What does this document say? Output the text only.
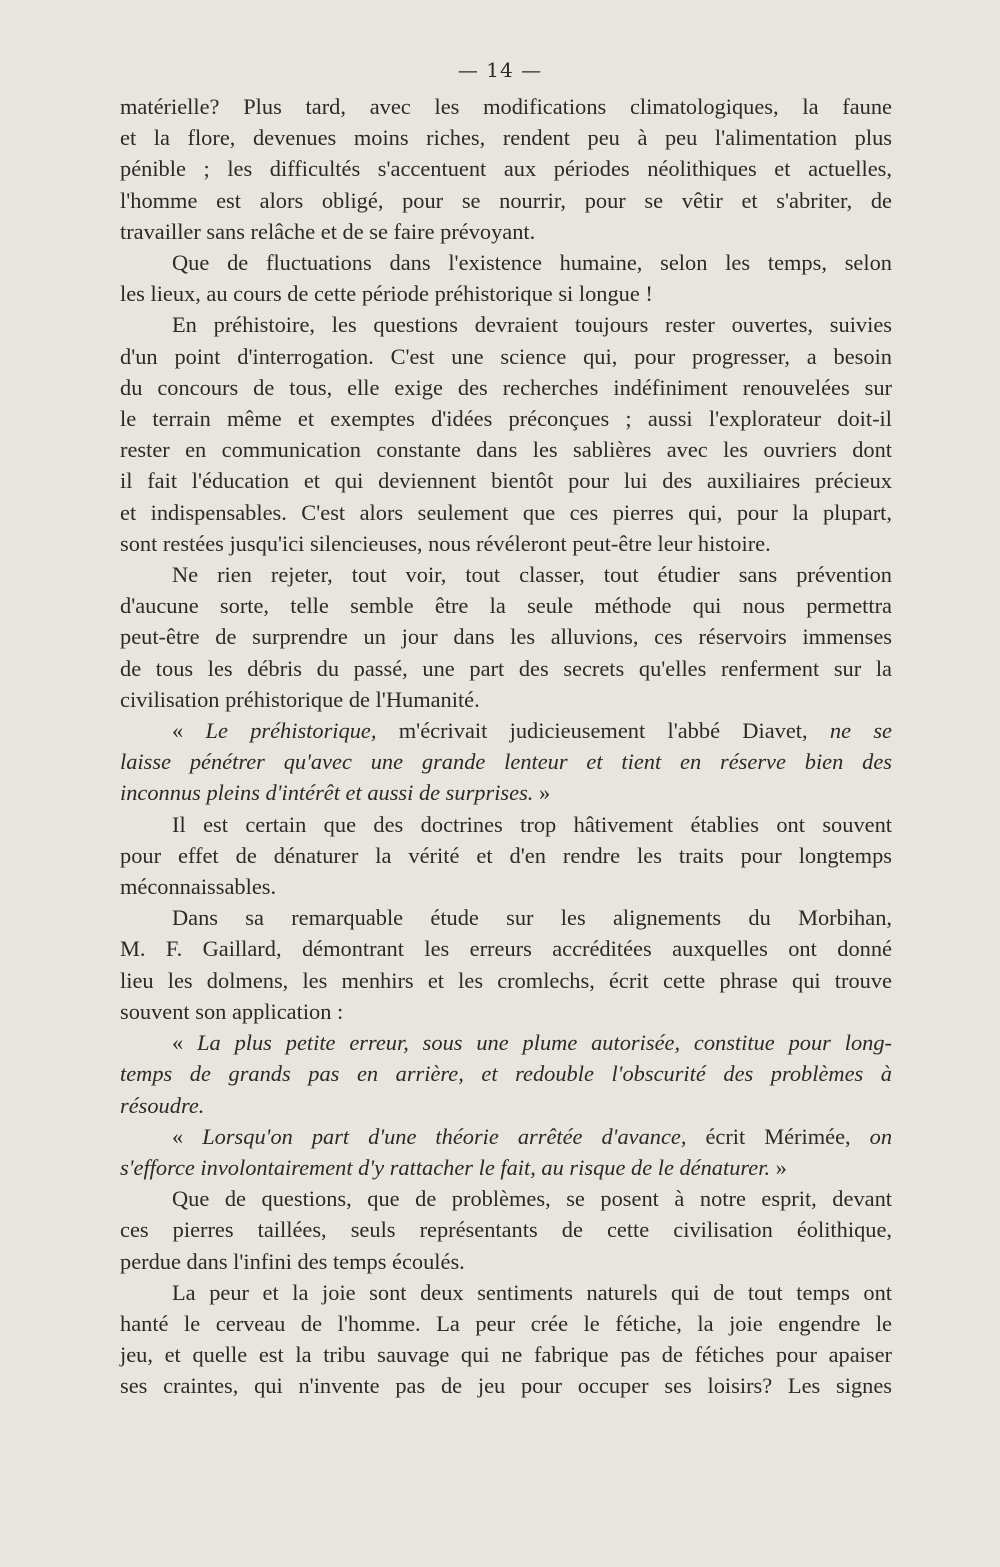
— 14 —
matérielle? Plus tard, avec les modifications climatologiques, la faune
et la flore, devenues moins riches, rendent peu à peu l'alimentation plus
pénible ; les difficultés s'accentuent aux périodes néolithiques et actuelles,
l'homme est alors obligé, pour se nourrir, pour se vêtir et s'abriter, de
travailler sans relâche et de se faire prévoyant.
Que de fluctuations dans l'existence humaine, selon les temps, selon
les lieux, au cours de cette période préhistorique si longue !
En préhistoire, les questions devraient toujours rester ouvertes, suivies
d'un point d'interrogation. C'est une science qui, pour progresser, a besoin
du concours de tous, elle exige des recherches indéfiniment renouvelées sur
le terrain même et exemptes d'idées préconçues ; aussi l'explorateur doit-il
rester en communication constante dans les sablières avec les ouvriers dont
il fait l'éducation et qui deviennent bientôt pour lui des auxiliaires précieux
et indispensables. C'est alors seulement que ces pierres qui, pour la plupart,
sont restées jusqu'ici silencieuses, nous révéleront peut-être leur histoire.
Ne rien rejeter, tout voir, tout classer, tout étudier sans prévention
d'aucune sorte, telle semble être la seule méthode qui nous permettra
peut-être de surprendre un jour dans les alluvions, ces réservoirs immenses
de tous les débris du passé, une part des secrets qu'elles renferment sur la
civilisation préhistorique de l'Humanité.
« Le préhistorique, m'écrivait judicieusement l'abbé Diavet, ne se
laisse pénétrer qu'avec une grande lenteur et tient en réserve bien des
inconnus pleins d'intérêt et aussi de surprises. »
Il est certain que des doctrines trop hâtivement établies ont souvent
pour effet de dénaturer la vérité et d'en rendre les traits pour longtemps
méconnaissables.
Dans sa remarquable étude sur les alignements du Morbihan,
M. F. Gaillard, démontrant les erreurs accréditées auxquelles ont donné
lieu les dolmens, les menhirs et les cromlechs, écrit cette phrase qui trouve
souvent son application :
« La plus petite erreur, sous une plume autorisée, constitue pour long-
temps de grands pas en arrière, et redouble l'obscurité des problèmes à
résoudre.
« Lorsqu'on part d'une théorie arrêtée d'avance, écrit Mérimée, on
s'efforce involontairement d'y rattacher le fait, au risque de le dénaturer. »
Que de questions, que de problèmes, se posent à notre esprit, devant
ces pierres taillées, seuls représentants de cette civilisation éolithique,
perdue dans l'infini des temps écoulés.
La peur et la joie sont deux sentiments naturels qui de tout temps ont
hanté le cerveau de l'homme. La peur crée le fétiche, la joie engendre le
jeu, et quelle est la tribu sauvage qui ne fabrique pas de fétiches pour apaiser
ses craintes, qui n'invente pas de jeu pour occuper ses loisirs? Les signes
